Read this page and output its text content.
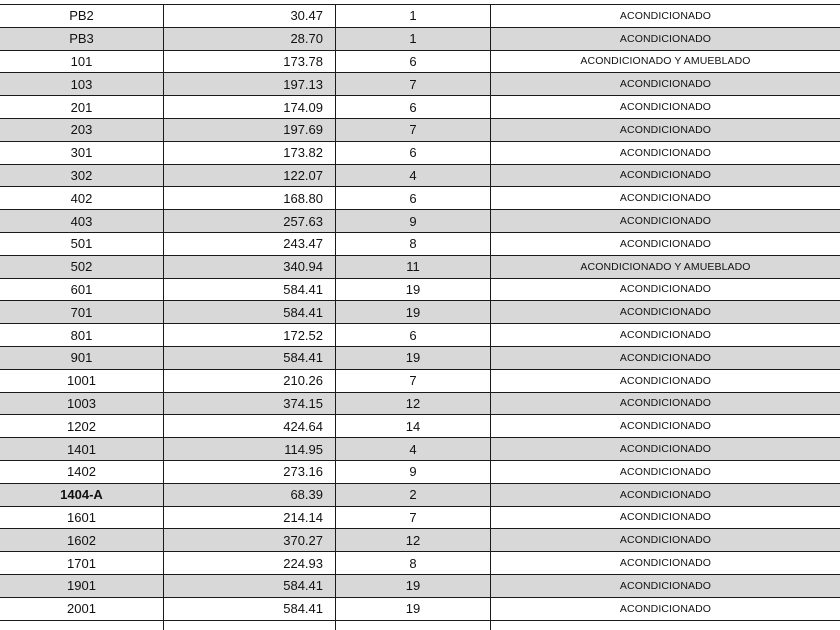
PB2	30.47	1	ACONDICIONADO
PB3	28.70	1	ACONDICIONADO
101	173.78	6	ACONDICIONADO Y AMUEBLADO
103	197.13	7	ACONDICIONADO
201	174.09	6	ACONDICIONADO
203	197.69	7	ACONDICIONADO
301	173.82	6	ACONDICIONADO
302	122.07	4	ACONDICIONADO
402	168.80	6	ACONDICIONADO
403	257.63	9	ACONDICIONADO
501	243.47	8	ACONDICIONADO
502	340.94	11	ACONDICIONADO Y AMUEBLADO
601	584.41	19	ACONDICIONADO
701	584.41	19	ACONDICIONADO
801	172.52	6	ACONDICIONADO
901	584.41	19	ACONDICIONADO
1001	210.26	7	ACONDICIONADO
1003	374.15	12	ACONDICIONADO
1202	424.64	14	ACONDICIONADO
1401	114.95	4	ACONDICIONADO
1402	273.16	9	ACONDICIONADO
1404-A	68.39	2	ACONDICIONADO
1601	214.14	7	ACONDICIONADO
1602	370.27	12	ACONDICIONADO
1701	224.93	8	ACONDICIONADO
1901	584.41	19	ACONDICIONADO
2001	584.41	19	ACONDICIONADO
